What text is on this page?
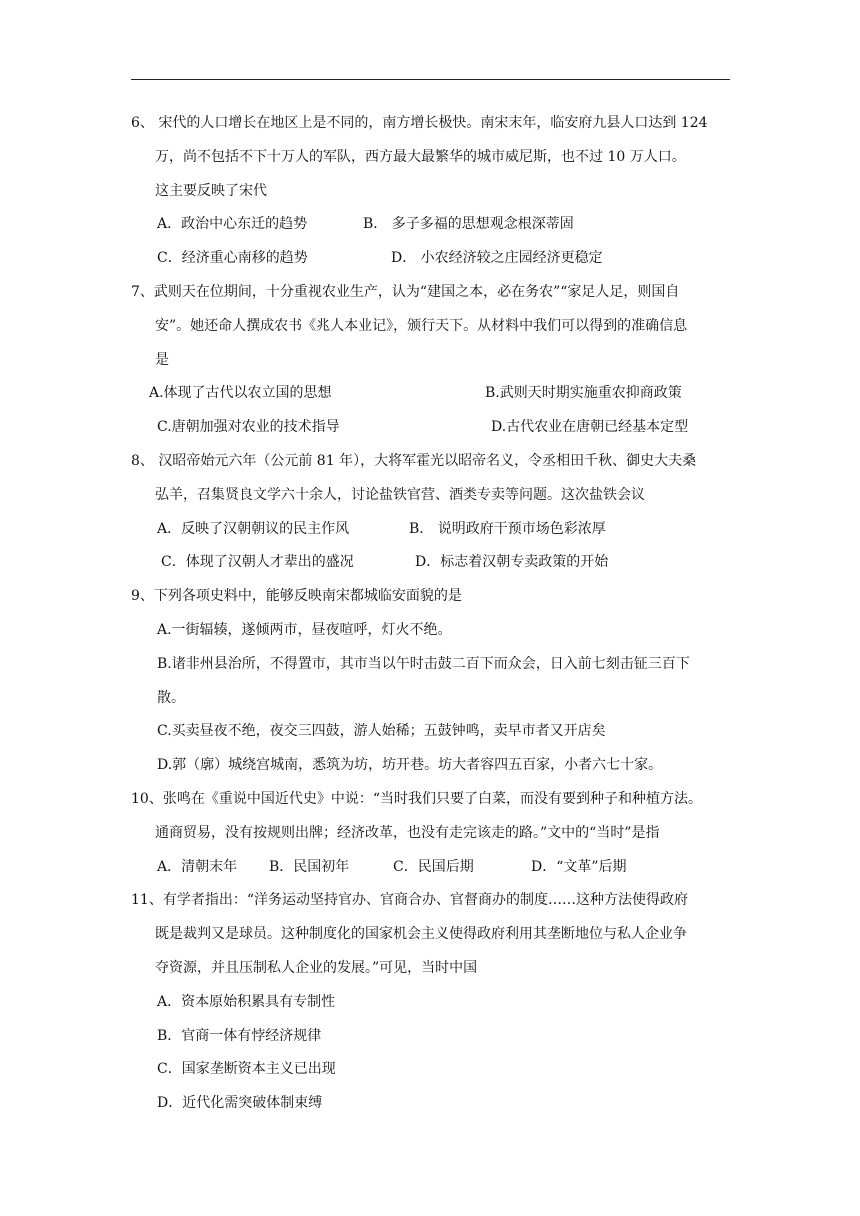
6、 宋代的人口增长在地区上是不同的，南方增长极快。南宋末年，临安府九县人口达到 124
万，尚不包括不下十万人的军队，西方最大最繁华的城市威尼斯，也不过 10 万人口。
这主要反映了宋代
A．政治中心东迁的趋势	B． 多子多福的思想观念根深蒂固
C．经济重心南移的趋势	D． 小农经济较之庄园经济更稳定
7、武则天在位期间，十分重视农业生产，认为“建国之本，必在务农”“家足人足，则国自
安”。她还命人撰成农书《兆人本业记》，颁行天下。从材料中我们可以得到的准确信息
是
A.体现了古代以农立国的思想	B.武则天时期实施重农抑商政策
C.唐朝加强对农业的技术指导	D.古代农业在唐朝已经基本定型
8、 汉昭帝始元六年（公元前 81 年），大将军霍光以昭帝名义，令丞相田千秋、御史大夫桑
弘羊，召集贤良文学六十余人，讨论盐铁官营、酒类专卖等问题。这次盐铁会议
A．反映了汉朝朝议的民主作风	B． 说明政府干预市场色彩浓厚
C．体现了汉朝人才辈出的盛况	D．标志着汉朝专卖政策的开始
9、下列各项史料中，能够反映南宋都城临安面貌的是
A.一街辐辏，遂倾两市，昼夜喧呼，灯火不绝。
B.诸非州县治所，不得置市，其市当以午时击鼓二百下而众会，日入前七刻击钲三百下
散。
C.买卖昼夜不绝，夜交三四鼓，游人始稀；五鼓钟鸣，卖早市者又开店矣
D.郭（廓）城绕宫城南，悉筑为坊，坊开巷。坊大者容四五百家，小者六七十家。
10、张鸣在《重说中国近代史》中说：“当时我们只要了白菜，而没有要到种子和种植方法。
通商贸易，没有按规则出牌；经济改革，也没有走完该走的路。”文中的“当时”是指
A．清朝末年	B．民国初年	C．民国后期	D．“文革”后期
11、有学者指出：“洋务运动坚持官办、官商合办、官督商办的制度……这种方法使得政府
既是裁判又是球员。这种制度化的国家机会主义使得政府利用其垄断地位与私人企业争
夺资源，并且压制私人企业的发展。”可见，当时中国
A．资本原始积累具有专制性
B．官商一体有悖经济规律
C．国家垄断资本主义已出现
D．近代化需突破体制束缚
